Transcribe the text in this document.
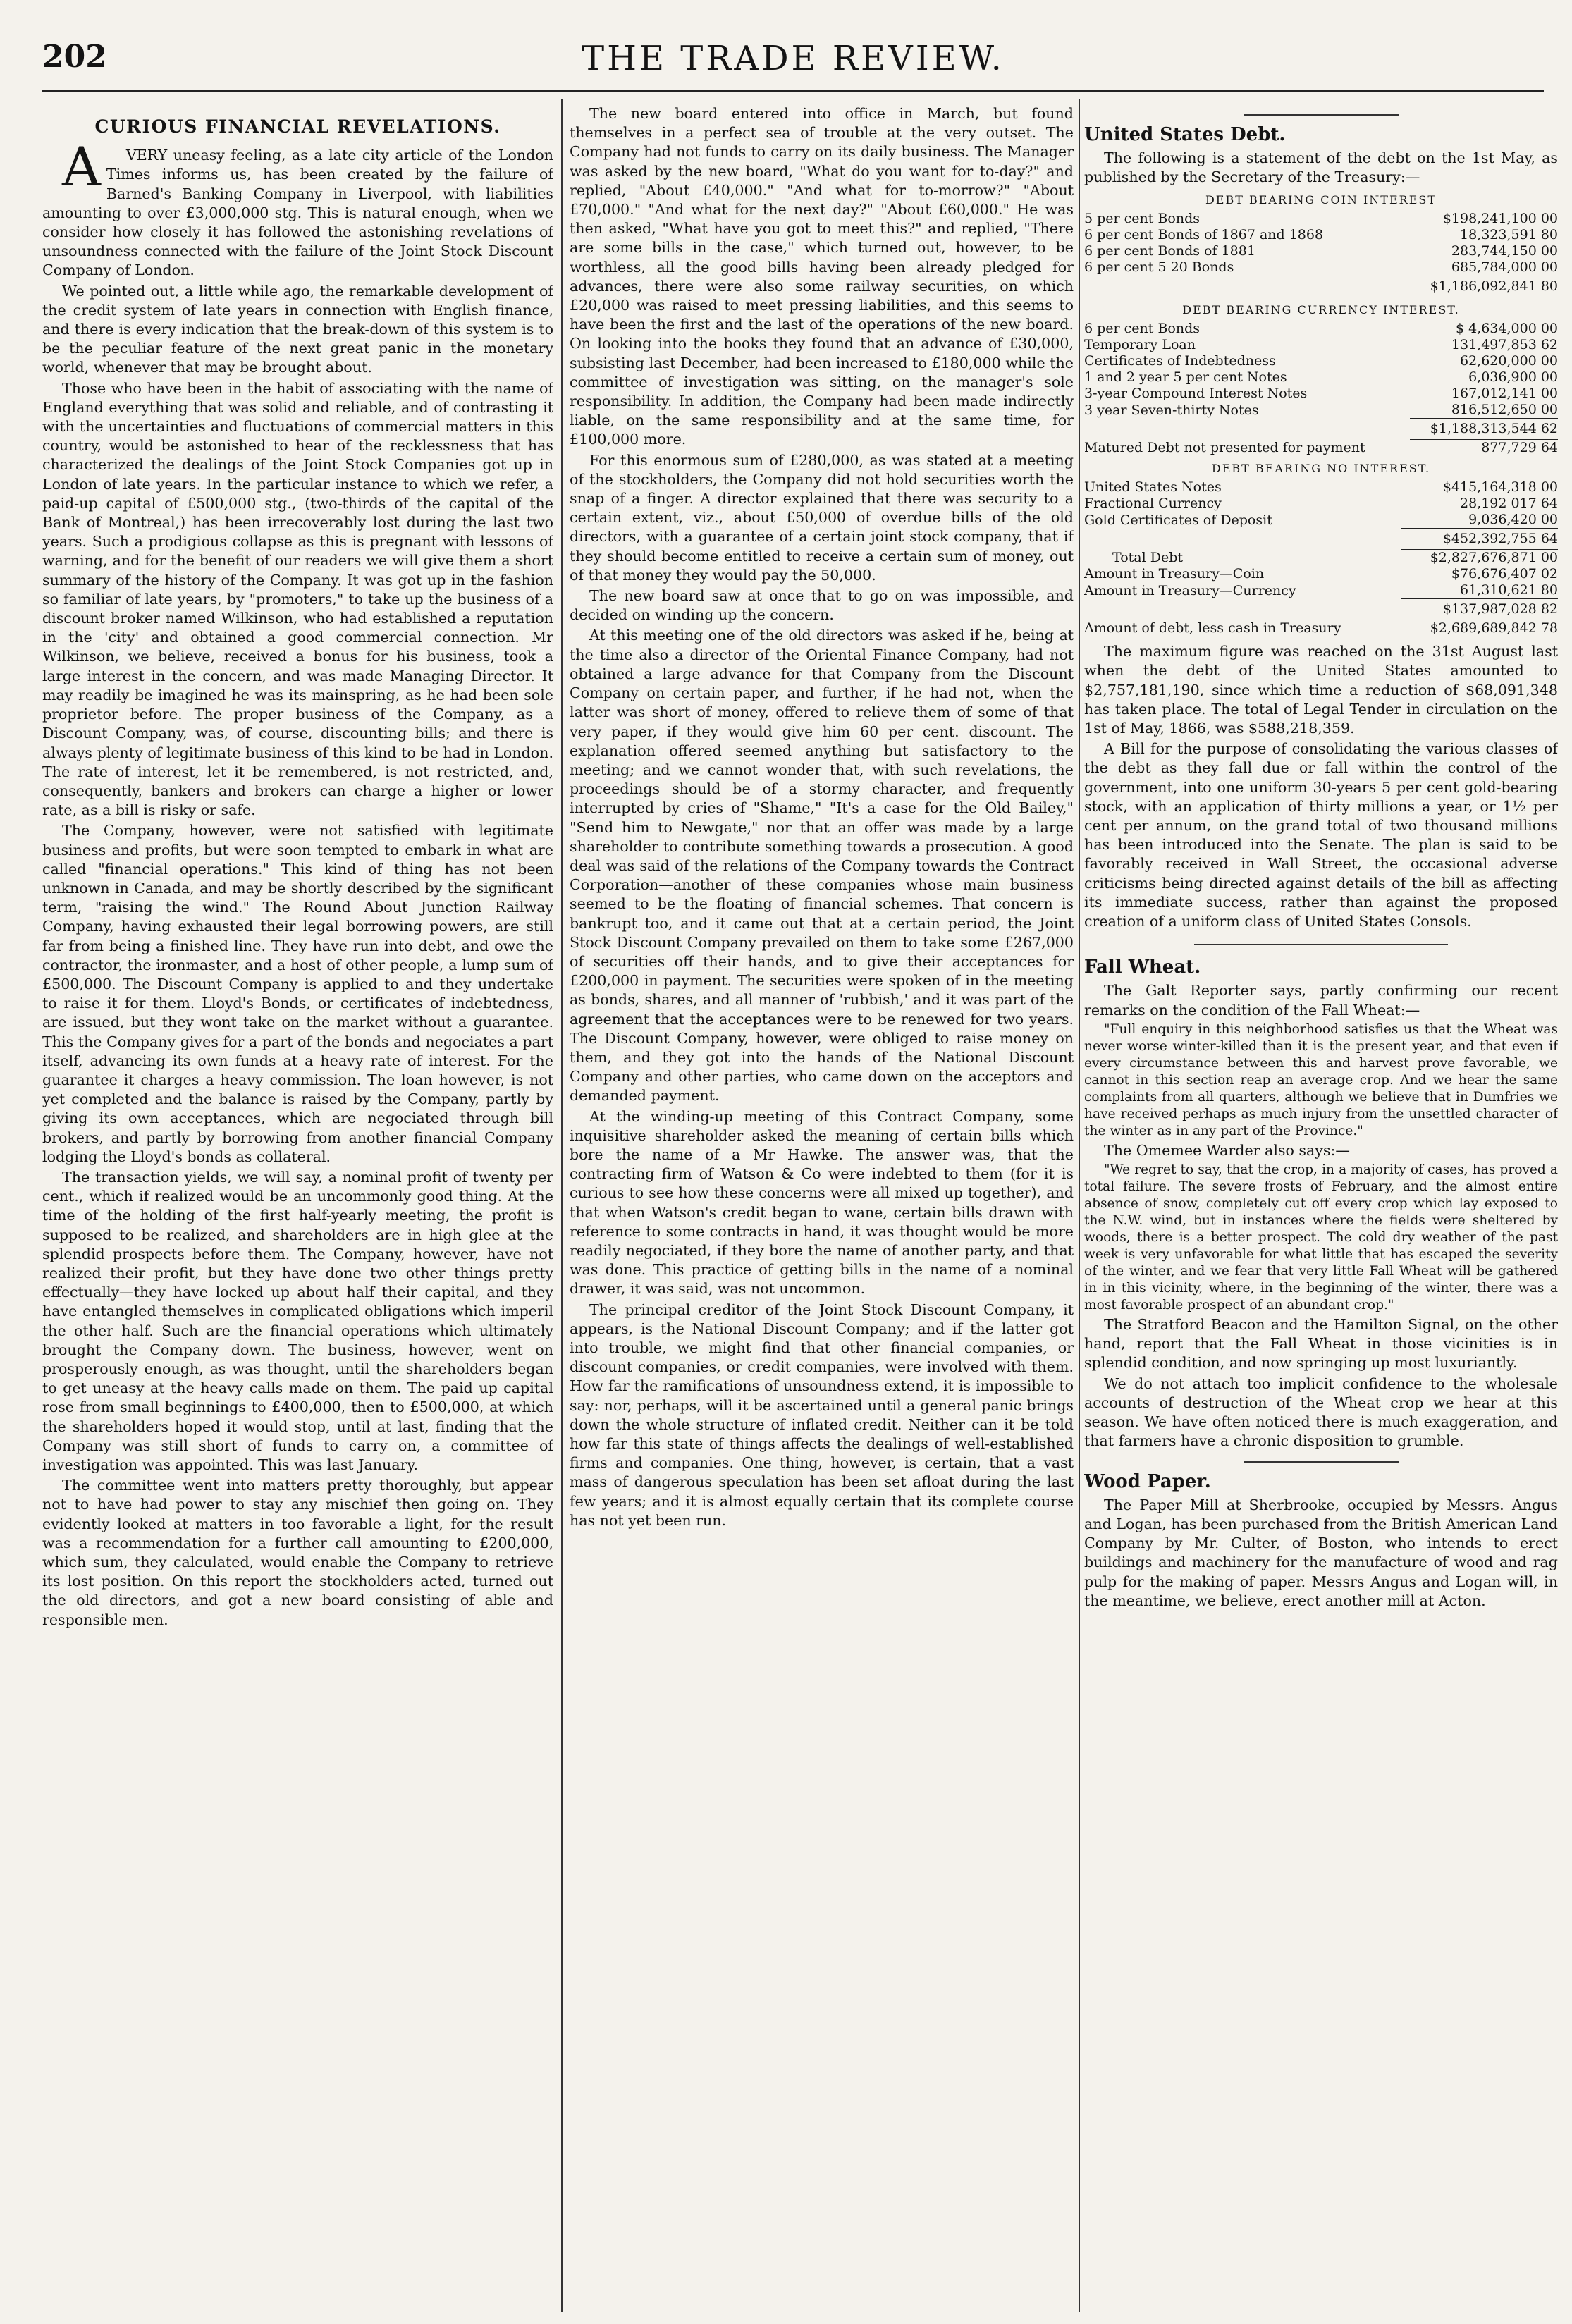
THE TRADE REVIEW.
202
CURIOUS FINANCIAL REVELATIONS.

AVERY uneasy feeling, as a late city article of the London Times informs us, has been created by the failure of Barned's Banking Company in Liverpool, with liabilities amounting to over £3,000,000 stg. This is natural enough, when we consider how closely it has followed the astonishing revelations of unsoundness connected with the failure of the Joint Stock Discount Company of London.

We pointed out, a little while ago, the remarkable development of the credit system of late years in connection with English finance, and there is every indication that the break-down of this system is to be the peculiar feature of the next great panic in the monetary world, whenever that may be brought about.

Those who have been in the habit of associating with the name of England everything that was solid and reliable, and of contrasting it with the uncertainties and fluctuations of commercial matters in this country, would be astonished to hear of the recklessness that has characterized the dealings of the Joint Stock Companies got up in London of late years. In the particular instance to which we refer, a paid-up capital of £500,000 stg., (two-thirds of the capital of the Bank of Montreal,) has been irrecoverably lost during the last two years. Such a prodigious collapse as this is pregnant with lessons of warning, and for the benefit of our readers we will give them a short summary of the history of the Company. It was got up in the fashion so familiar of late years, by "promoters," to take up the business of a discount broker named Wilkinson, who had established a reputation in the 'city' and obtained a good commercial connection. Mr Wilkinson, we believe, received a bonus for his business, took a large interest in the concern, and was made Managing Director. It may readily be imagined he was its mainspring, as he had been sole proprietor before. The proper business of the Company, as a Discount Company, was, of course, discounting bills; and there is always plenty of legitimate business of this kind to be had in London. The rate of interest, let it be remembered, is not restricted, and, consequently, bankers and brokers can charge a higher or lower rate, as a bill is risky or safe.

The Company, however, were not satisfied with legitimate business and profits, but were soon tempted to embark in what are called "financial operations." This kind of thing has not been unknown in Canada, and may be shortly described by the significant term, "raising the wind." The Round About Junction Railway Company, having exhausted their legal borrowing powers, are still far from being a finished line. They have run into debt, and owe the contractor, the ironmaster, and a host of other people, a lump sum of £500,000. The Discount Company is applied to and they undertake to raise it for them. Lloyd's Bonds, or certificates of indebtedness, are issued, but they wont take on the market without a guarantee. This the Company gives for a part of the bonds and negociates a part itself, advancing its own funds at a heavy rate of interest. For the guarantee it charges a heavy commission. The loan however, is not yet completed and the balance is raised by the Company, partly by giving its own acceptances, which are negociated through bill brokers, and partly by borrowing from another financial Company lodging the Lloyd's bonds as collateral.

The transaction yields, we will say, a nominal profit of twenty per cent., which if realized would be an uncommonly good thing. At the time of the holding of the first half-yearly meeting, the profit is supposed to be realized, and shareholders are in high glee at the splendid prospects before them. The Company, however, have not realized their profit, but they have done two other things pretty effectually—they have locked up about half their capital, and they have entangled themselves in complicated obligations which imperil the other half. Such are the financial operations which ultimately brought the Company down. The business, however, went on prosperously enough, as was thought, until the shareholders began to get uneasy at the heavy calls made on them. The paid up capital rose from small beginnings to £400,000, then to £500,000, at which the shareholders hoped it would stop, until at last, finding that the Company was still short of funds to carry on, a committee of investigation was appointed. This was last January.

The committee went into matters pretty thoroughly, but appear not to have had power to stay any mischief then going on. They evidently looked at matters in too favorable a light, for the result was a recommendation for a further call amounting to £200,000, which sum, they calculated, would enable the Company to retrieve its lost position. On this report the stockholders acted, turned out the old directors, and got a new board consisting of able and responsible men.

The new board entered into office in March, but found themselves in a perfect sea of trouble at the very outset. The Company had not funds to carry on its daily business. The Manager was asked by the new board, "What do you want for to-day?" and replied, "About £40,000." "And what for to-morrow?" "About £70,000." "And what for the next day?" "About £60,000." He was then asked, "What have you got to meet this?" and replied, "There are some bills in the case," which turned out, however, to be worthless, all the good bills having been already pledged for advances, there were also some railway securities, on which £20,000 was raised to meet pressing liabilities, and this seems to have been the first and the last of the operations of the new board. On looking into the books they found that an advance of £30,000, subsisting last December, had been increased to £180,000 while the committee of investigation was sitting, on the manager's sole responsibility. In addition, the Company had been made indirectly liable, on the same responsibility and at the same time, for £100,000 more.

For this enormous sum of £280,000, as was stated at a meeting of the stockholders, the Company did not hold securities worth the snap of a finger. A director explained that there was security to a certain extent, viz., about £50,000 of overdue bills of the old directors, with a guarantee of a certain joint stock company, that if they should become entitled to receive a certain sum of money, out of that money they would pay the 50,000.

The new board saw at once that to go on was impossible, and decided on winding up the concern.

At this meeting one of the old directors was asked if he, being at the time also a director of the Oriental Finance Company, had not obtained a large advance for that Company from the Discount Company on certain paper, and further, if he had not, when the latter was short of money, offered to relieve them of some of that very paper, if they would give him 60 per cent. discount. The explanation offered seemed anything but satisfactory to the meeting; and we cannot wonder that, with such revelations, the proceedings should be of a stormy character, and frequently interrupted by cries of "Shame," "It's a case for the Old Bailey," "Send him to Newgate," nor that an offer was made by a large shareholder to contribute something towards a prosecution. A good deal was said of the relations of the Company towards the Contract Corporation—another of these companies whose main business seemed to be the floating of financial schemes. That concern is bankrupt too, and it came out that at a certain period, the Joint Stock Discount Company prevailed on them to take some £267,000 of securities off their hands, and to give their acceptances for £200,000 in payment. The securities were spoken of in the meeting as bonds, shares, and all manner of 'rubbish,' and it was part of the agreement that the acceptances were to be renewed for two years. The Discount Company, however, were obliged to raise money on them, and they got into the hands of the National Discount Company and other parties, who came down on the acceptors and demanded payment.

At the winding-up meeting of this Contract Company, some inquisitive shareholder asked the meaning of certain bills which bore the name of a Mr Hawke. The answer was, that the contracting firm of Watson & Co were indebted to them (for it is curious to see how these concerns were all mixed up together), and that when Watson's credit began to wane, certain bills drawn with reference to some contracts in hand, it was thought would be more readily negociated, if they bore the name of another party, and that was done. This practice of getting bills in the name of a nominal drawer, it was said, was not uncommon.

The principal creditor of the Joint Stock Discount Company, it appears, is the National Discount Company; and if the latter got into trouble, we might find that other financial companies, or discount companies, or credit companies, were involved with them. How far the ramifications of unsoundness extend, it is impossible to say: nor, perhaps, will it be ascertained until a general panic brings down the whole structure of inflated credit. Neither can it be told how far this state of things affects the dealings of well-established firms and companies. One thing, however, is certain, that a vast mass of dangerous speculation has been set afloat during the last few years; and it is almost equally certain that its complete course has not yet been run.

United States Debt.

The following is a statement of the debt on the 1st May, as published by the Secretary of the Treasury:—

DEBT BEARING COIN INTEREST
5 per cent Bonds	$198,241,100 00
6 per cent Bonds of 1867 and 1868	18,323,591 80
6 per cent Bonds of 1881	283,744,150 00
6 per cent 5 20 Bonds	685,784,000 00
	$1,186,092,841 80
DEBT BEARING CURRENCY INTEREST.
6 per cent Bonds	$ 4,634,000 00
Temporary Loan	131,497,853 62
Certificates of Indebtedness	62,620,000 00
1 and 2 year 5 per cent Notes	6,036,900 00
3-year Compound Interest Notes	167,012,141 00
3 year Seven-thirty Notes	816,512,650 00
	$1,188,313,544 62
Matured Debt not presented for payment	877,729 64
DEBT BEARING NO INTEREST.
United States Notes	$415,164,318 00
Fractional Currency	28,192 017 64
Gold Certificates of Deposit	9,036,420 00
	$452,392,755 64
Total Debt	$2,827,676,871 00
Amount in Treasury—Coin	$76,676,407 02
Amount in Treasury—Currency	61,310,621 80
	$137,987,028 82
Amount of debt, less cash in Treasury	$2,689,689,842 78

The maximum figure was reached on the 31st August last when the debt of the United States amounted to $2,757,181,190, since which time a reduction of $68,091,348 has taken place. The total of Legal Tender in circulation on the 1st of May, 1866, was $588,218,359.

A Bill for the purpose of consolidating the various classes of the debt as they fall due or fall within the control of the government, into one uniform 30-years 5 per cent gold-bearing stock, with an application of thirty millions a year, or 1½ per cent per annum, on the grand total of two thousand millions has been introduced into the Senate. The plan is said to be favorably received in Wall Street, the occasional adverse criticisms being directed against details of the bill as affecting its immediate success, rather than against the proposed creation of a uniform class of United States Consols.

Fall Wheat.

The Galt Reporter says, partly confirming our recent remarks on the condition of the Fall Wheat:—

"Full enquiry in this neighborhood satisfies us that the Wheat was never worse winter-killed than it is the present year, and that even if every circumstance between this and harvest prove favorable, we cannot in this section reap an average crop. And we hear the same complaints from all quarters, although we believe that in Dumfries we have received perhaps as much injury from the unsettled character of the winter as in any part of the Province."

The Omemee Warder also says:—

"We regret to say, that the crop, in a majority of cases, has proved a total failure. The severe frosts of February, and the almost entire absence of snow, completely cut off every crop which lay exposed to the N.W. wind, but in instances where the fields were sheltered by woods, there is a better prospect. The cold dry weather of the past week is very unfavorable for what little that has escaped the severity of the winter, and we fear that very little Fall Wheat will be gathered in in this vicinity, where, in the beginning of the winter, there was a most favorable prospect of an abundant crop."

The Stratford Beacon and the Hamilton Signal, on the other hand, report that the Fall Wheat in those vicinities is in splendid condition, and now springing up most luxuriantly.

We do not attach too implicit confidence to the wholesale accounts of destruction of the Wheat crop we hear at this season. We have often noticed there is much exaggeration, and that farmers have a chronic disposition to grumble.

Wood Paper.

The Paper Mill at Sherbrooke, occupied by Messrs. Angus and Logan, has been purchased from the British American Land Company by Mr. Culter, of Boston, who intends to erect buildings and machinery for the manufacture of wood and rag pulp for the making of paper. Messrs Angus and Logan will, in the meantime, we believe, erect another mill at Acton.
